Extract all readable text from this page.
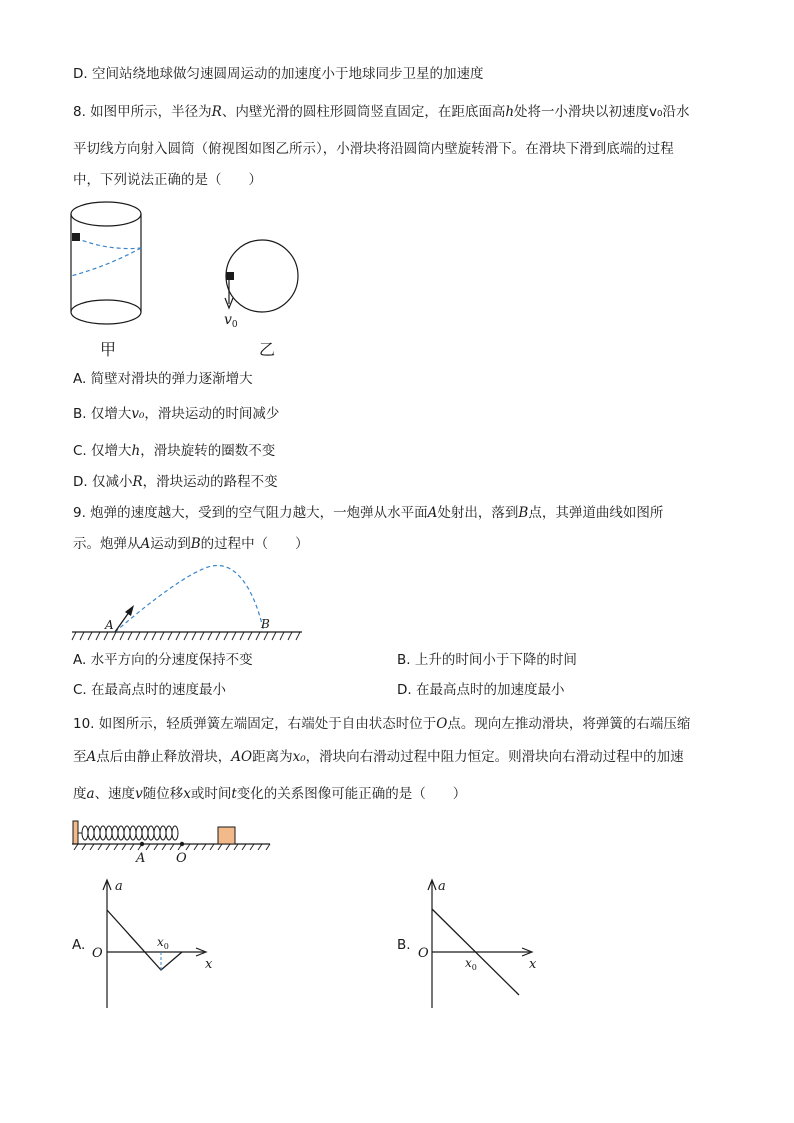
D. 空间站绕地球做匀速圆周运动的加速度小于地球同步卫星的加速度
8. 如图甲所示，半径为R、内壁光滑的圆柱形圆筒竖直固定，在距底面高h处将一小滑块以初速度v₀沿水
平切线方向射入圆筒（俯视图如图乙所示），小滑块将沿圆筒内壁旋转滑下。在滑块下滑到底端的过程
中，下列说法正确的是（　　）
甲
$v_0$
乙
A. 简壁对滑块的弹力逐渐增大
B. 仅增大v₀，滑块运动的时间减少
C. 仅增大h，滑块旋转的圈数不变
D. 仅减小R，滑块运动的路程不变
9. 炮弹的速度越大，受到的空气阻力越大，一炮弹从水平面A处射出，落到B点，其弹道曲线如图所
示。炮弹从A运动到B的过程中（　　）
A	B
A. 水平方向的分速度保持不变	B. 上升的时间小于下降的时间
C. 在最高点时的速度最小	D. 在最高点时的加速度最小
10. 如图所示，轻质弹簧左端固定，右端处于自由状态时位于O点。现向左推动滑块，将弹簧的右端压缩
至A点后由静止释放滑块，AO距离为x₀，滑块向右滑动过程中阻力恒定。则滑块向右滑动过程中的加速
度a、速度v随位移x或时间t变化的关系图像可能正确的是（　　）
A O
A.
a
x
O
$x_0$	B.
a
x
O
$x_0$
